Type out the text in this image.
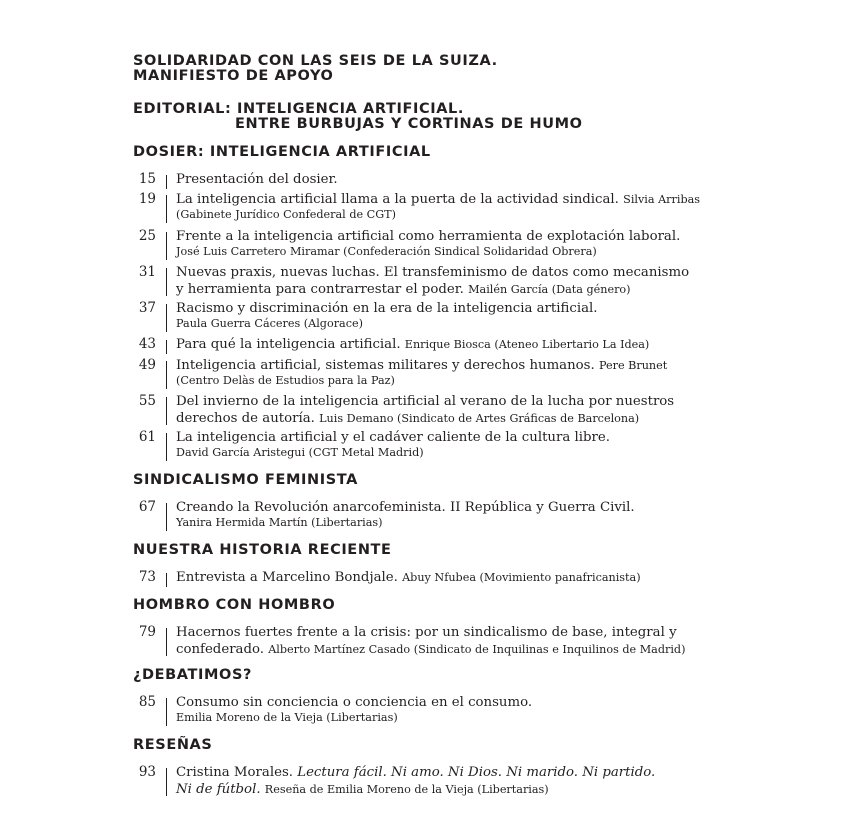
SOLIDARIDAD CON LAS SEIS DE LA SUIZA.
MANIFIESTO DE APOYO
EDITORIAL: INTELIGENCIA ARTIFICIAL.
ENTRE BURBUJAS Y CORTINAS DE HUMO
DOSIER: INTELIGENCIA ARTIFICIAL
15 Presentación del dosier.
19 La inteligencia artificial llama a la puerta de la actividad sindical. Silvia Arribas
(Gabinete Jurídico Confederal de CGT)
25 Frente a la inteligencia artificial como herramienta de explotación laboral.
José Luis Carretero Miramar (Confederación Sindical Solidaridad Obrera)
31 Nuevas praxis, nuevas luchas. El transfeminismo de datos como mecanismo
y herramienta para contrarrestar el poder. Mailén García (Data género)
37 Racismo y discriminación en la era de la inteligencia artificial.
Paula Guerra Cáceres (Algorace)
43 Para qué la inteligencia artificial. Enrique Biosca (Ateneo Libertario La Idea)
49 Inteligencia artificial, sistemas militares y derechos humanos. Pere Brunet
(Centro Delàs de Estudios para la Paz)
55 Del invierno de la inteligencia artificial al verano de la lucha por nuestros
derechos de autoría. Luis Demano (Sindicato de Artes Gráficas de Barcelona)
61 La inteligencia artificial y el cadáver caliente de la cultura libre.
David García Aristegui (CGT Metal Madrid)
SINDICALISMO FEMINISTA
67 Creando la Revolución anarcofeminista. II República y Guerra Civil.
Yanira Hermida Martín (Libertarias)
NUESTRA HISTORIA RECIENTE
73 Entrevista a Marcelino Bondjale. Abuy Nfubea (Movimiento panafricanista)
HOMBRO CON HOMBRO
79 Hacernos fuertes frente a la crisis: por un sindicalismo de base, integral y
confederado. Alberto Martínez Casado (Sindicato de Inquilinas e Inquilinos de Madrid)
¿DEBATIMOS?
85 Consumo sin conciencia o conciencia en el consumo.
Emilia Moreno de la Vieja (Libertarias)
RESEÑAS
93 Cristina Morales. Lectura fácil. Ni amo. Ni Dios. Ni marido. Ni partido.
Ni de fútbol. Reseña de Emilia Moreno de la Vieja (Libertarias)
